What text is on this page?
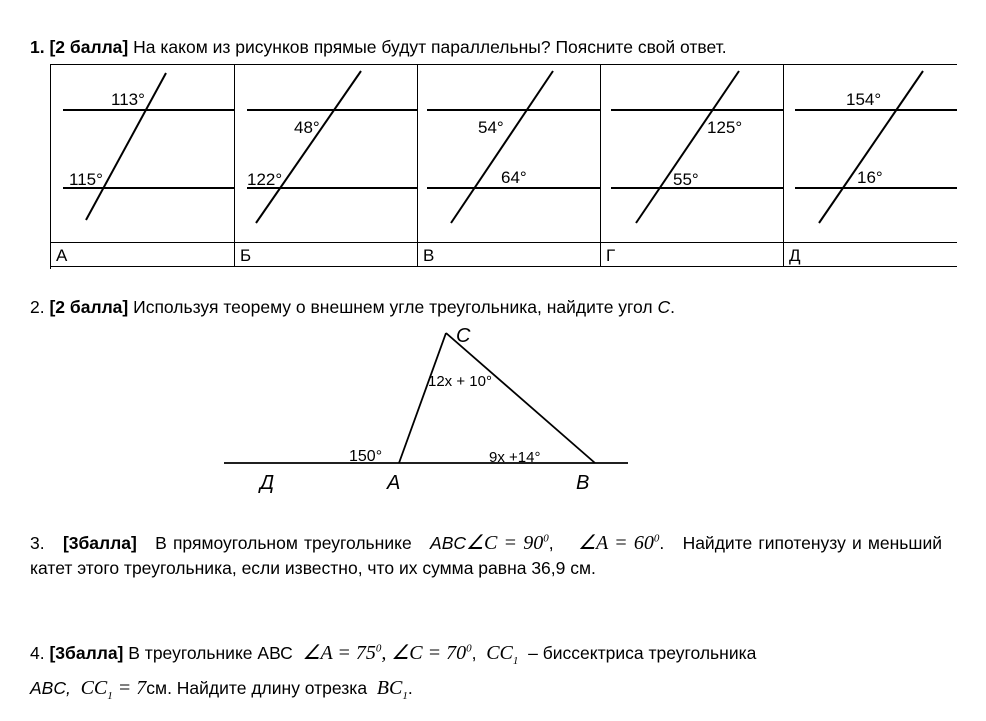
1. [2 балла] На каком из рисунков прямые будут параллельны? Поясните свой ответ.
А	Б	В	Г	Д
113°
115°
48°
122°
54°
64°
125°
55°
154°
16°
2. [2 балла] Используя теорему о внешнем угле треугольника, найдите угол C.
C
12x + 10°
150°	9x +14°
Д	A	B
3. [3балла] В прямоугольном треугольнике ABC∠C = $90^0$,    ∠A = $60^0$.   Найдите гипотенузу и меньший катет этого треугольника, если известно, что их сумма равна 36,9 см.
4. [3балла] В треугольнике АВС ∠A = $75^0$, ∠C = $70^0$,  $CC_1$ – биссектриса треугольника
ABC, $CC_1 = 7см$. Найдите длину отрезка $BC_1$.
